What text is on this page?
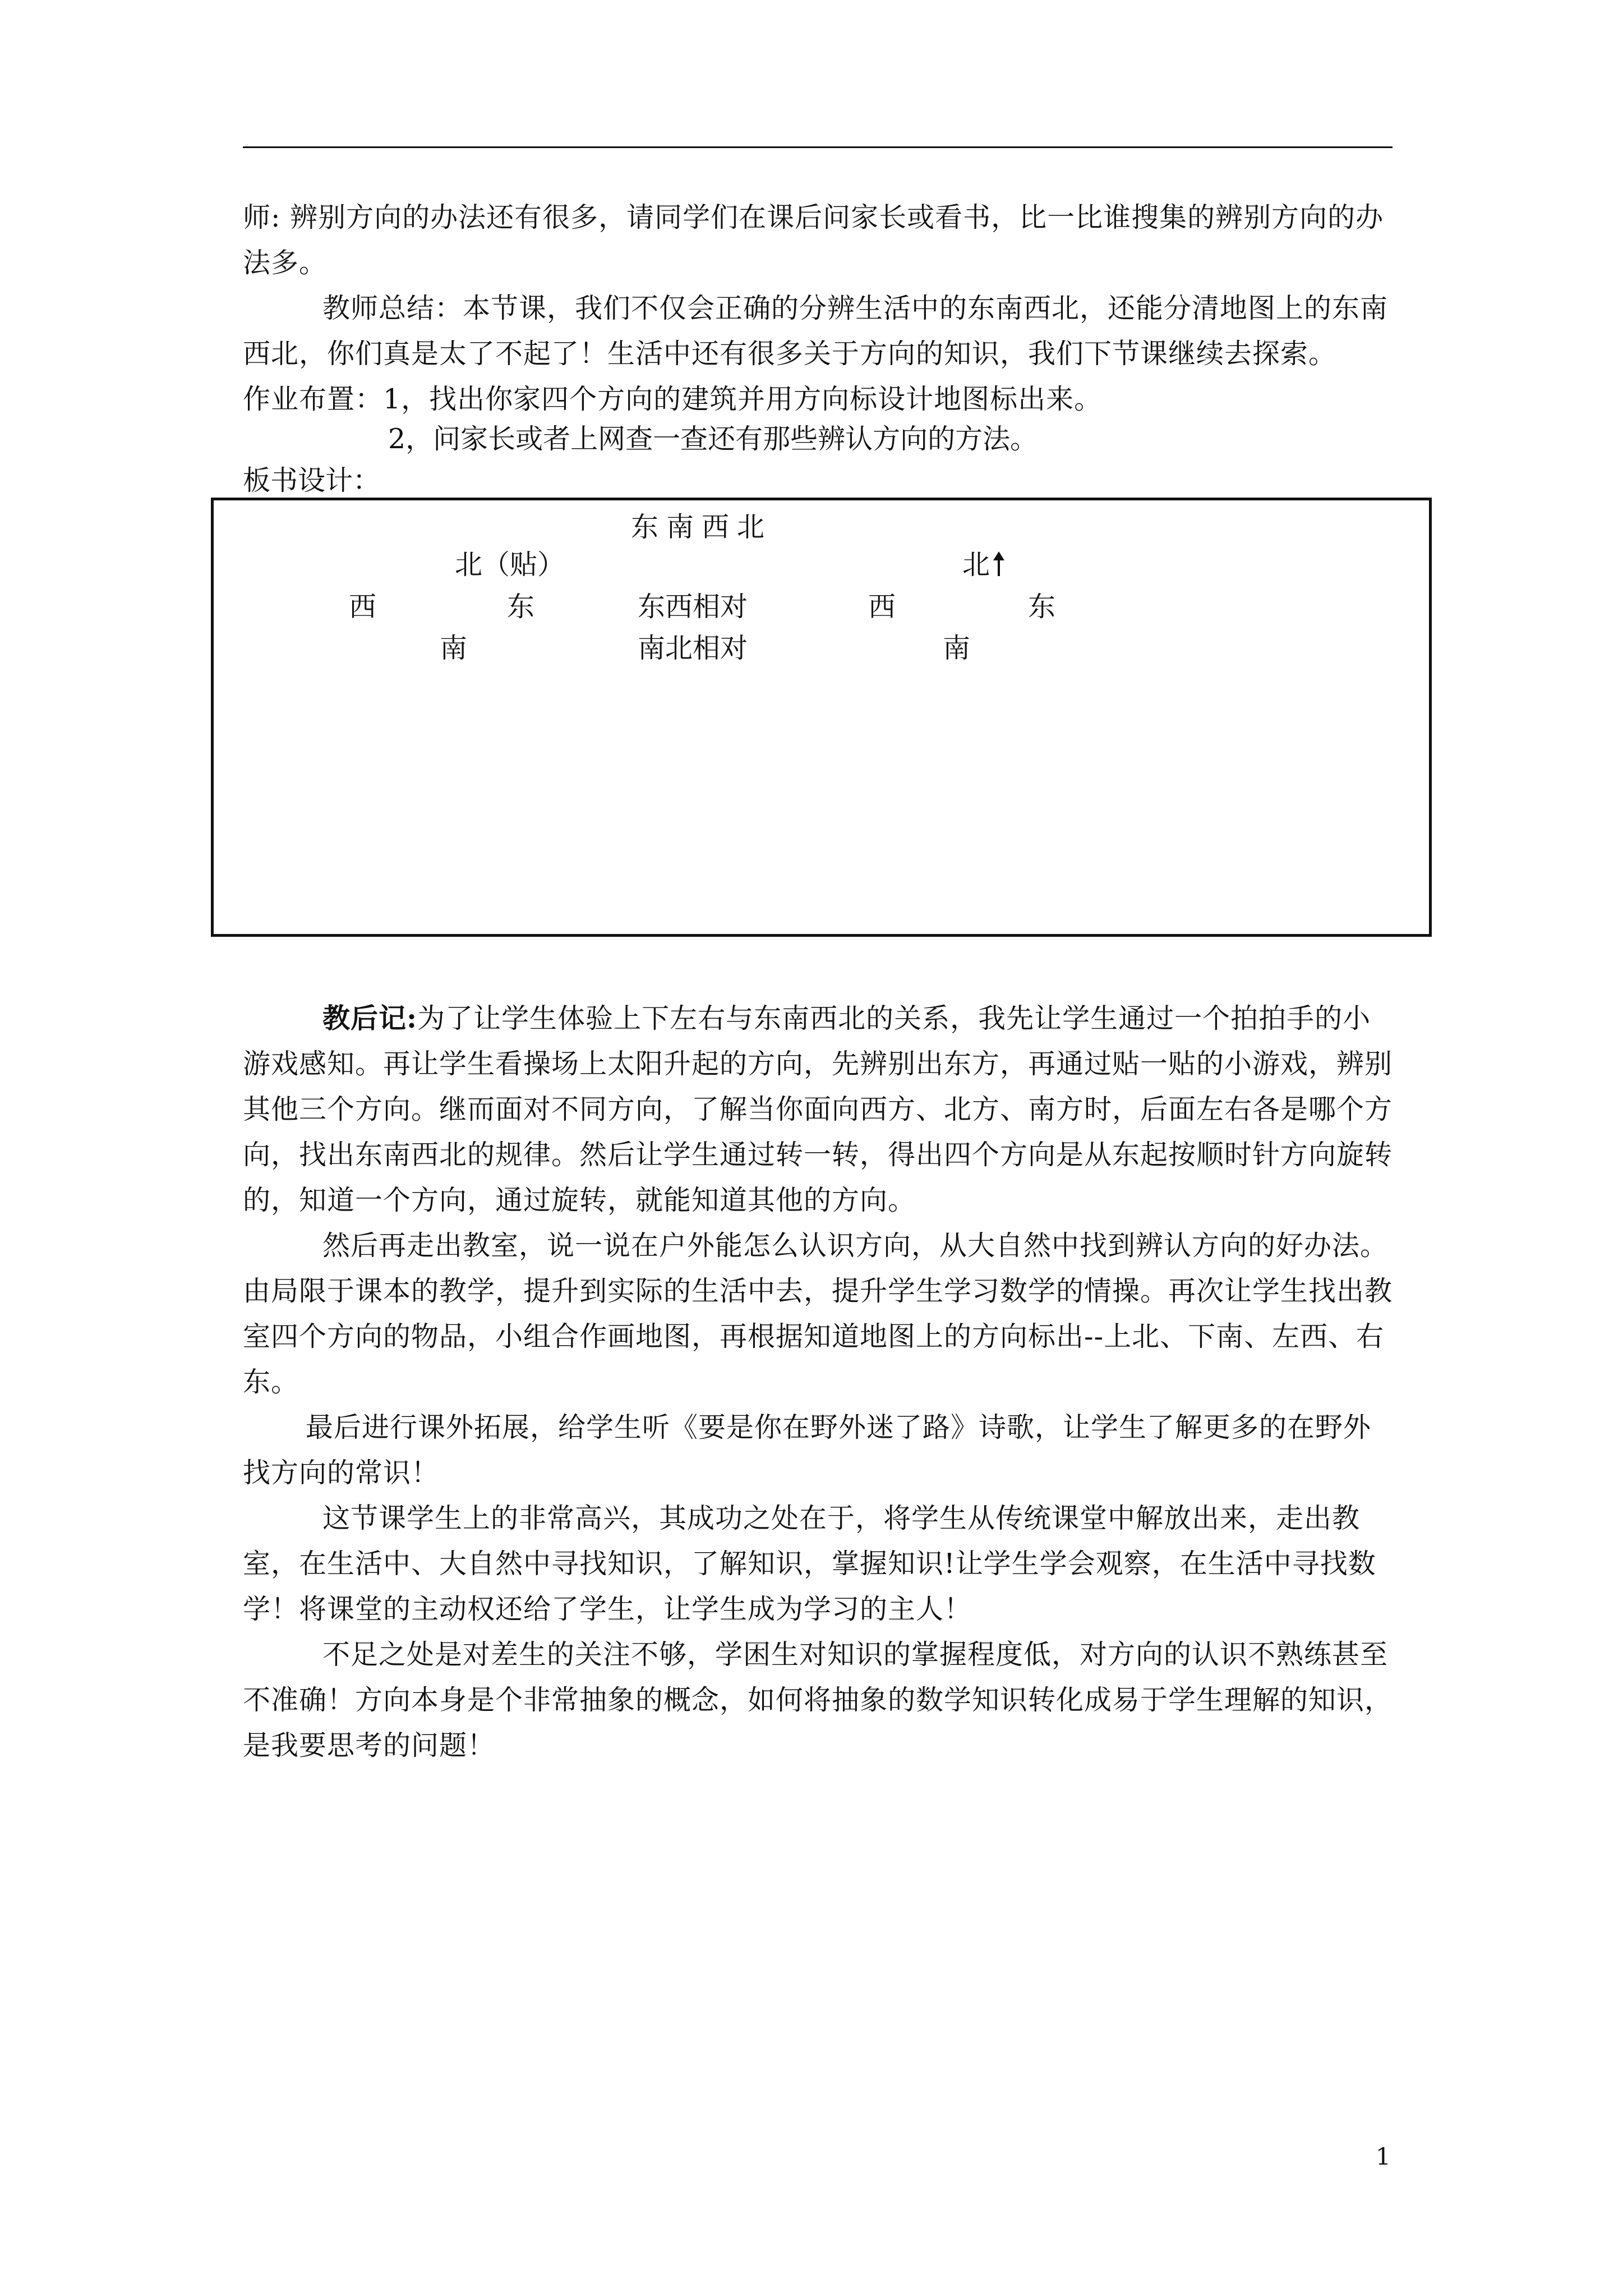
师: 辨别方向的办法还有很多，请同学们在课后问家长或看书，比一比谁搜集的辨别方向的办法多。

教师总结：本节课，我们不仅会正确的分辨生活中的东南西北，还能分清地图上的东南西北，你们真是太了不起了！生活中还有很多关于方向的知识，我们下节课继续去探索。

作业布置：1，找出你家四个方向的建筑并用方向标设计地图标出来。

2，问家长或者上网查一查还有那些辨认方向的方法。

板书设计：

东南西北
北（贴）	北
西	东	东西相对	西	东
南	南北相对	南

教后记:为了让学生体验上下左右与东南西北的关系，我先让学生通过一个拍拍手的小游戏感知。再让学生看操场上太阳升起的方向，先辨别出东方，再通过贴一贴的小游戏，辨别其他三个方向。继而面对不同方向，了解当你面向西方、北方、南方时，后面左右各是哪个方向，找出东南西北的规律。然后让学生通过转一转，得出四个方向是从东起按顺时针方向旋转的，知道一个方向，通过旋转，就能知道其他的方向。

然后再走出教室，说一说在户外能怎么认识方向，从大自然中找到辨认方向的好办法。由局限于课本的教学，提升到实际的生活中去，提升学生学习数学的情操。再次让学生找出教室四个方向的物品，小组合作画地图，再根据知道地图上的方向标出--上北、下南、左西、右东。

最后进行课外拓展，给学生听《要是你在野外迷了路》诗歌，让学生了解更多的在野外找方向的常识！

这节课学生上的非常高兴，其成功之处在于，将学生从传统课堂中解放出来，走出教室，在生活中、大自然中寻找知识，了解知识，掌握知识!让学生学会观察，在生活中寻找数学！将课堂的主动权还给了学生，让学生成为学习的主人！

不足之处是对差生的关注不够，学困生对知识的掌握程度低，对方向的认识不熟练甚至不准确！方向本身是个非常抽象的概念，如何将抽象的数学知识转化成易于学生理解的知识，是我要思考的问题！

1
